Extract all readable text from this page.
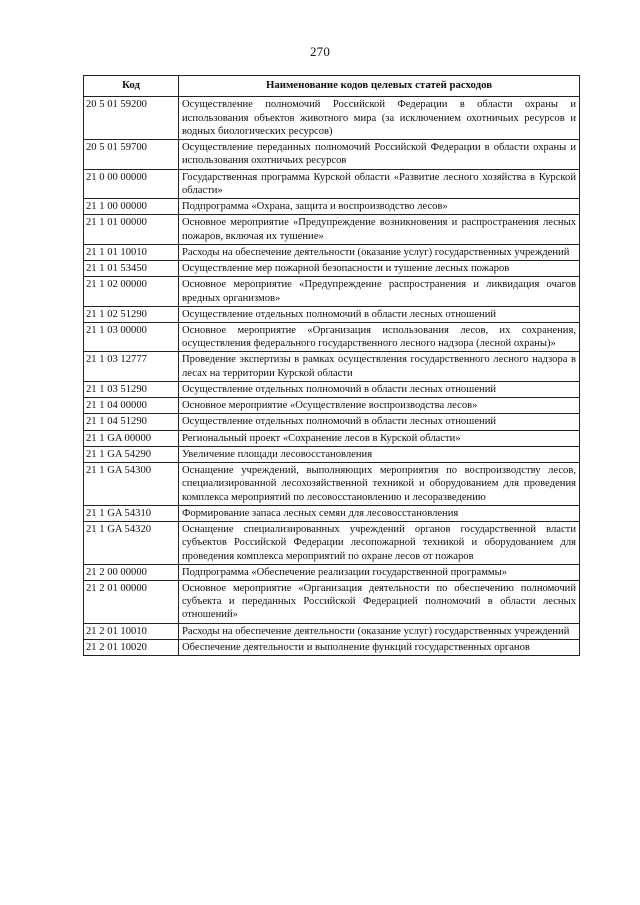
270
Код	Наименование кодов целевых статей расходов
20 5 01 59200	Осуществление полномочий Российской Федерации в области охраны и использования объектов животного мира (за исключением охотничьих ресурсов и водных биологических ресурсов)
20 5 01 59700	Осуществление переданных полномочий Российской Федерации в области охраны и использования охотничьих ресурсов
21 0 00 00000	Государственная программа Курской области «Развитие лесного хозяйства в Курской области»
21 1 00 00000	Подпрограмма «Охрана, защита и воспроизводство лесов»
21 1 01 00000	Основное мероприятие «Предупреждение возникновения и распространения лесных пожаров, включая их тушение»
21 1 01 10010	Расходы на обеспечение деятельности (оказание услуг) государственных учреждений
21 1 01 53450	Осуществление мер пожарной безопасности и тушение лесных пожаров
21 1 02 00000	Основное мероприятие «Предупреждение распространения и ликвидация очагов вредных организмов»
21 1 02 51290	Осуществление отдельных полномочий в области лесных отношений
21 1 03 00000	Основное мероприятие «Организация использования лесов, их сохранения, осуществления федерального государственного лесного надзора (лесной охраны)»
21 1 03 12777	Проведение экспертизы в рамках осуществления государственного лесного надзора в лесах на территории Курской области
21 1 03 51290	Осуществление отдельных полномочий в области лесных отношений
21 1 04 00000	Основное мероприятие «Осуществление воспроизводства лесов»
21 1 04 51290	Осуществление отдельных полномочий в области лесных отношений
21 1 GA 00000	Региональный проект «Сохранение лесов в Курской области»
21 1 GA 54290	Увеличение площади лесовосстановления
21 1 GA 54300	Оснащение учреждений, выполняющих мероприятия по воспроизводству лесов, специализированной лесохозяйственной техникой и оборудованием для проведения комплекса мероприятий по лесовосстановлению и лесоразведению
21 1 GA 54310	Формирование запаса лесных семян для лесовосстановления
21 1 GA 54320	Оснащение специализированных учреждений органов государственной власти субъектов Российской Федерации лесопожарной техникой и оборудованием для проведения комплекса мероприятий по охране лесов от пожаров
21 2 00 00000	Подпрограмма «Обеспечение реализации государственной программы»
21 2 01 00000	Основное мероприятие «Организация деятельности по обеспечению полномочий субъекта и переданных Российской Федерацией полномочий в области лесных отношений»
21 2 01 10010	Расходы на обеспечение деятельности (оказание услуг) государственных учреждений
21 2 01 10020	Обеспечение деятельности и выполнение функций государственных органов
